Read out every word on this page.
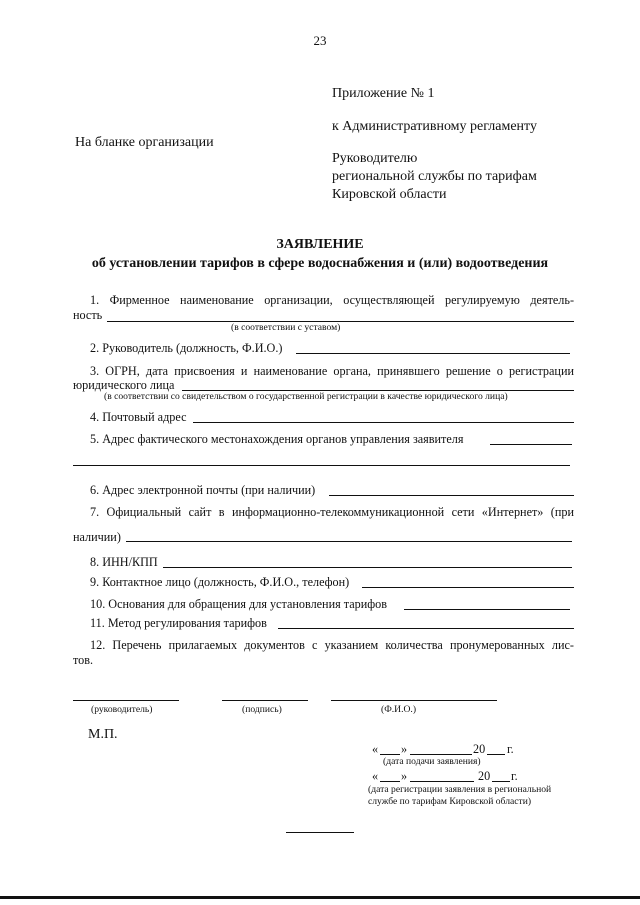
23
Приложение № 1
к Административному регламенту
На бланке организации
Руководителю
региональной службы по тарифам
Кировской области
ЗАЯВЛЕНИЕ
об установлении тарифов в сфере водоснабжения и (или) водоотведения
1. Фирменное наименование организации, осуществляющей регулируемую деятель-
ность
(в соответствии с уставом)
2. Руководитель (должность, Ф.И.О.)
3. ОГРН, дата присвоения и наименование органа, принявшего решение о регистрации
юридического лица
(в соответствии со свидетельством о государственной регистрации в качестве юридического лица)
4. Почтовый адрес
5. Адрес фактического местонахождения органов управления заявителя
6. Адрес электронной почты (при наличии)
7. Официальный сайт в информационно-телекоммуникационной сети «Интернет» (при
наличии)
8. ИНН/КПП
9. Контактное лицо (должность, Ф.И.О., телефон)
10. Основания для обращения для установления тарифов
11. Метод регулирования тарифов
12. Перечень прилагаемых документов с указанием количества пронумерованных лис-
тов.
(руководитель)	(подпись)	(Ф.И.О.)
М.П.
« »	20 г.
(дата подачи заявления)
« »	20 г.
(дата регистрации заявления в региональной
службе по тарифам Кировской области)
